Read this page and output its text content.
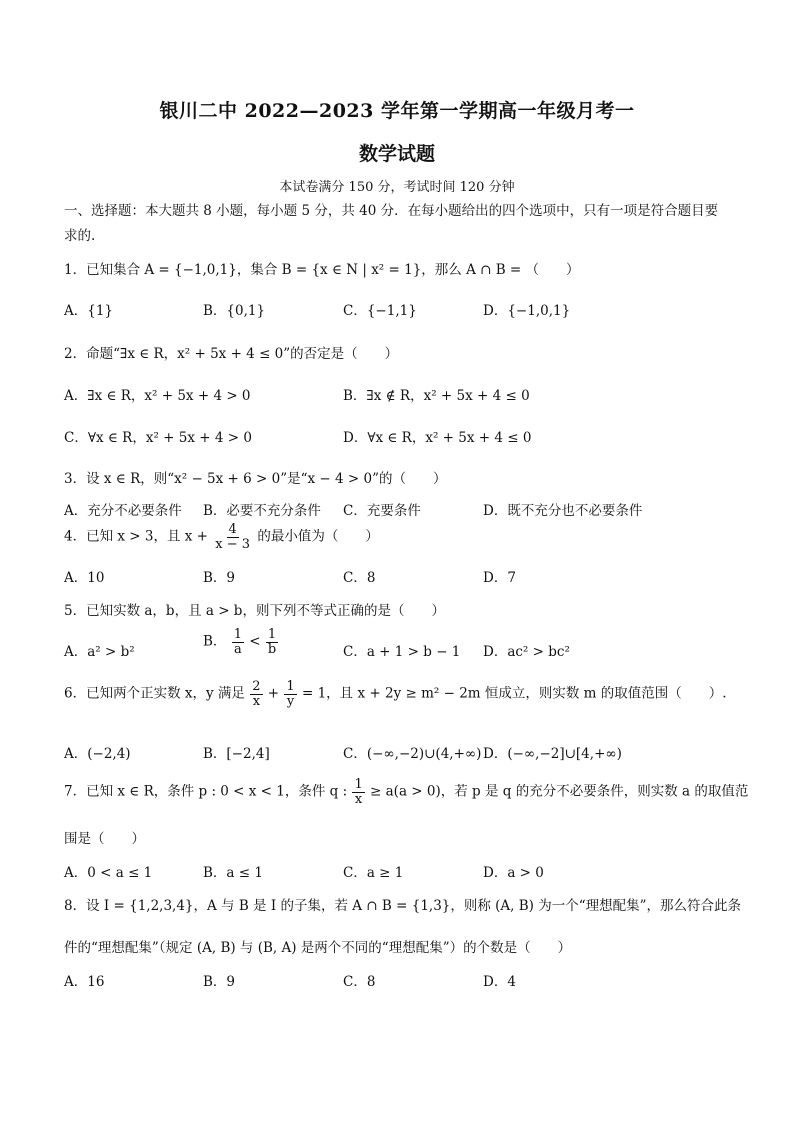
银川二中 2022—2023 学年第一学期高一年级月考一
数学试题
本试卷满分 150 分，考试时间 120 分钟
一、选择题：本大题共 8 小题，每小题 5 分，共 40 分．在每小题给出的四个选项中，只有一项是符合题目要
求的.
1．已知集合 A = {−1,0,1}，集合 B = {x ∈ N | x² = 1}，那么 A ∩ B = （　　）
A．{1}	B．{0,1}	C．{−1,1}	D．{−1,0,1}
2．命题“∃x ∈ R，x² + 5x + 4 ≤ 0”的否定是（　　）
A．∃x ∈ R，x² + 5x + 4 > 0	B．∃x ∉ R，x² + 5x + 4 ≤ 0
C．∀x ∈ R，x² + 5x + 4 > 0	D．∀x ∈ R，x² + 5x + 4 ≤ 0
3．设 x ∈ R，则“x² − 5x + 6 > 0”是“x − 4 > 0”的（　　）
A．充分不必要条件 B．必要不充分条件 C．充要条件	D．既不充分也不必要条件
4．已知 x > 3，且 $x + \frac{4}{x - 3}$ 的最小值为（　　）
A．10	B．9	C．8	D．7
5．已知实数 a，b，且 a > b，则下列不等式正确的是（　　）
A．a² > b²
B． $\frac{1}{a} < \frac{1}{b}$	C．a + 1 > b − 1 D．ac² > bc²
6．已知两个正实数 x，y 满足 $\frac{2}{x} + \frac{1}{y} = 1$，且 x + 2y ≥ m² − 2m 恒成立，则实数 m 的取值范围（　　）.
A．(−2,4)	B．[−2,4]	C．(−∞,−2)∪(4,+∞) D．(−∞,−2]∪[4,+∞)
7．已知 x ∈ R，条件 p : 0 < x < 1，条件 q : $\frac{1}{x} \ge a(a > 0)$，若 p 是 q 的充分不必要条件，则实数 a 的取值范
围是（　　）
A．0 < a ≤ 1	B．a ≤ 1	C．a ≥ 1	D．a > 0
8．设 I = {1,2,3,4}，A 与 B 是 I 的子集，若 A ∩ B = {1,3}，则称 (A, B) 为一个“理想配集”，那么符合此条
件的“理想配集”（规定 (A, B) 与 (B, A) 是两个不同的“理想配集”）的个数是（　　）
A．16	B．9	C．8	D．4
